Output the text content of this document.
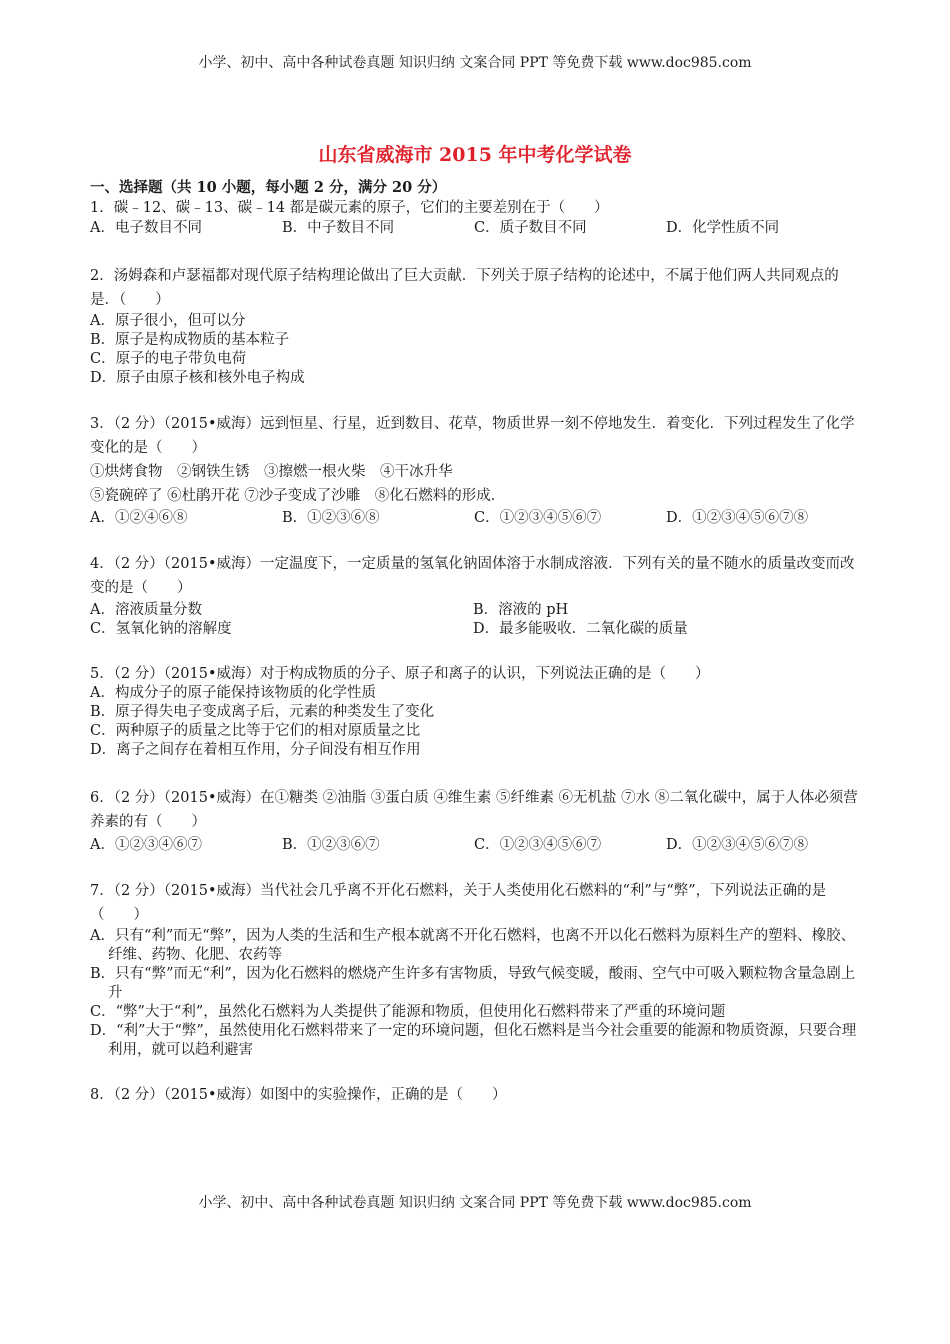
小学、初中、高中各种试卷真题 知识归纳 文案合同 PPT 等免费下载 www.doc985.com
山东省威海市 2015 年中考化学试卷
一、选择题（共 10 小题，每小题 2 分，满分 20 分）
1．碳﹣12、碳﹣13、碳﹣14 都是碳元素的原子，它们的主要差别在于（　　）
A．电子数目不同	B．中子数目不同	C．质子数目不同	D．化学性质不同
2．汤姆森和卢瑟福都对现代原子结构理论做出了巨大贡献．下列关于原子结构的论述中，不属于他们两人共同观点的是．（　　）
A．原子很小，但可以分
B．原子是构成物质的基本粒子
C．原子的电子带负电荷
D．原子由原子核和核外电子构成
3．（2 分）（2015•威海）远到恒星、行星，近到数目、花草，物质世界一刻不停地发生．着变化．下列过程发生了化学变化的是（　　）
①烘烤食物　②钢铁生锈　③擦燃一根火柴　④干冰升华
⑤瓷碗碎了 ⑥杜鹃开花 ⑦沙子变成了沙雕　⑧化石燃料的形成．
A．①②④⑥⑧	B．①②③⑥⑧	C．①②③④⑤⑥⑦	D．①②③④⑤⑥⑦⑧
4．（2 分）（2015•威海）一定温度下，一定质量的氢氧化钠固体溶于水制成溶液．下列有关的量不随水的质量改变而改变的是（　　）
A．溶液质量分数	B．溶液的 pH
C．氢氧化钠的溶解度	D．最多能吸收．二氧化碳的质量
5．（2 分）（2015•威海）对于构成物质的分子、原子和离子的认识，下列说法正确的是（　　）
A．构成分子的原子能保持该物质的化学性质
B．原子得失电子变成离子后，元素的种类发生了变化
C．两种原子的质量之比等于它们的相对原质量之比
D．离子之间存在着相互作用，分子间没有相互作用
6．（2 分）（2015•威海）在①糖类 ②油脂 ③蛋白质 ④维生素 ⑤纤维素 ⑥无机盐 ⑦水 ⑧二氧化碳中，属于人体必须营养素的有（　　）
A．①②③④⑥⑦	B．①②③⑥⑦	C．①②③④⑤⑥⑦	D．①②③④⑤⑥⑦⑧
7．（2 分）（2015•威海）当代社会几乎离不开化石燃料，关于人类使用化石燃料的“利”与“弊”，下列说法正确的是（　　）
A．只有“利”而无“弊”，因为人类的生活和生产根本就离不开化石燃料，也离不开以化石燃料为原料生产的塑料、橡胶、纤维、药物、化肥、农药等
B．只有“弊”而无“利”，因为化石燃料的燃烧产生许多有害物质，导致气候变暖，酸雨、空气中可吸入颗粒物含量急剧上升
C．“弊”大于“利”，虽然化石燃料为人类提供了能源和物质，但使用化石燃料带来了严重的环境问题
D．“利”大于“弊”，虽然使用化石燃料带来了一定的环境问题，但化石燃料是当今社会重要的能源和物质资源，只要合理利用，就可以趋利避害
8．（2 分）（2015•威海）如图中的实验操作，正确的是（　　）
小学、初中、高中各种试卷真题 知识归纳 文案合同 PPT 等免费下载 www.doc985.com
